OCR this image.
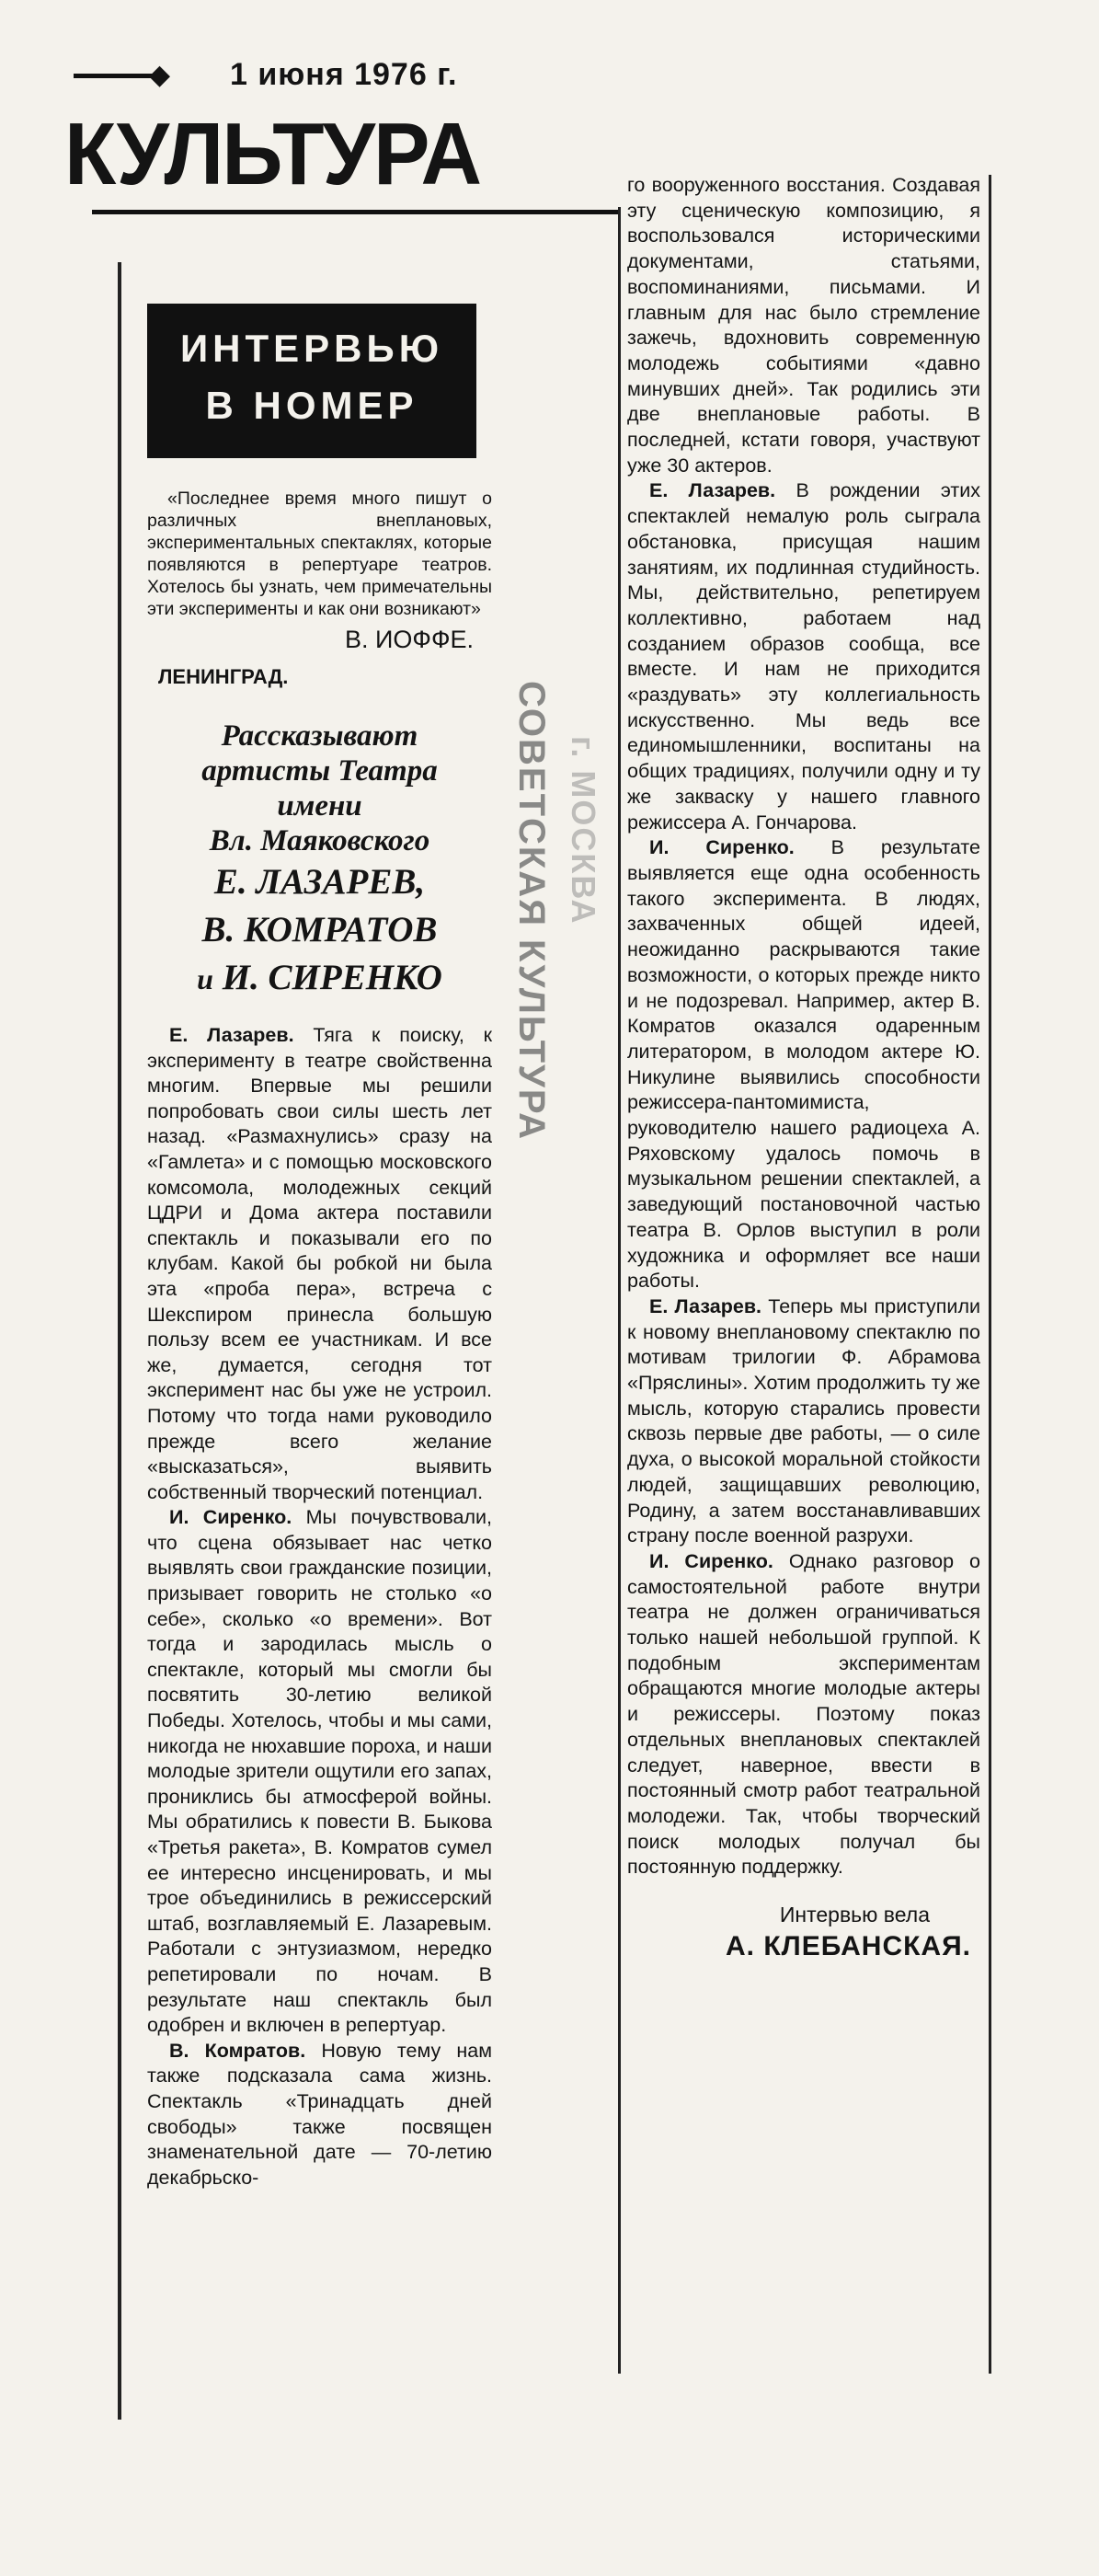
◆ 1 июня 1976 г.
КУЛЬТУРА
СОВЕТСКАЯ КУЛЬТУРА г. МОСКВА
ИНТЕРВЬЮ
В НОМЕР
«Последнее время много пишут о различных внеплановых, экспериментальных спектаклях, которые появляются в репертуаре театров. Хотелось бы узнать, чем примечательны эти эксперименты и как они возникают»
В. ИОФФЕ.
ЛЕНИНГРАД.
Рассказывают
артисты Театра
имени
Вл. Маяковского
Е. ЛАЗАРЕВ,
В. КОМРАТОВ
и И. СИРЕНКО

Е. Лазарев. Тяга к поиску, к эксперименту в театре свойственна многим. Впервые мы решили попробовать свои силы шесть лет назад. «Размахнулись» сразу на «Гамлета» и с помощью московского комсомола, молодежных секций ЦДРИ и Дома актера поставили спектакль и показывали его по клубам. Какой бы робкой ни была эта «проба пера», встреча с Шекспиром принесла большую пользу всем ее участникам. И все же, думается, сегодня тот эксперимент нас бы уже не устроил. Потому что тогда нами руководило прежде всего желание «высказаться», выявить собственный творческий потенциал.

И. Сиренко. Мы почувствовали, что сцена обязывает нас четко выявлять свои гражданские позиции, призывает говорить не столько «о себе», сколько «о времени». Вот тогда и зародилась мысль о спектакле, который мы смогли бы посвятить 30-летию великой Победы. Хотелось, чтобы и мы сами, никогда не нюхавшие пороха, и наши молодые зрители ощутили его запах, прониклись бы атмосферой войны. Мы обратились к повести В. Быкова «Третья ракета», В. Комратов сумел ее интересно инсценировать, и мы трое объединились в режиссерский штаб, возглавляемый Е. Лазаревым. Работали с энтузиазмом, нередко репетировали по ночам. В результате наш спектакль был одобрен и включен в репертуар.

В. Комратов. Новую тему нам также подсказала сама жизнь. Спектакль «Тринадцать дней свободы» также посвящен знаменательной дате — 70-летию декабрьско-

го вооруженного восстания. Создавая эту сценическую композицию, я воспользовался историческими документами, статьями, воспоминаниями, письмами. И главным для нас было стремление зажечь, вдохновить современную молодежь событиями «давно минувших дней». Так родились эти две внеплановые работы. В последней, кстати говоря, участвуют уже 30 актеров.

Е. Лазарев. В рождении этих спектаклей немалую роль сыграла обстановка, присущая нашим занятиям, их подлинная студийность. Мы, действительно, репетируем коллективно, работаем над созданием образов сообща, все вместе. И нам не приходится «раздувать» эту коллегиальность искусственно. Мы ведь все единомышленники, воспитаны на общих традициях, получили одну и ту же закваску у нашего главного режиссера А. Гончарова.

И. Сиренко. В результате выявляется еще одна особенность такого эксперимента. В людях, захваченных общей идеей, неожиданно раскрываются такие возможности, о которых прежде никто и не подозревал. Например, актер В. Комратов оказался одаренным литератором, в молодом актере Ю. Никулине выявились способности режиссера-пантомимиста, руководителю нашего радиоцеха А. Ряховскому удалось помочь в музыкальном решении спектаклей, а заведующий постановочной частью театра В. Орлов выступил в роли художника и оформляет все наши работы.

Е. Лазарев. Теперь мы приступили к новому внеплановому спектаклю по мотивам трилогии Ф. Абрамова «Пряслины». Хотим продолжить ту же мысль, которую старались провести сквозь первые две работы, — о силе духа, о высокой моральной стойкости людей, защищавших революцию, Родину, а затем восстанавливавших страну после военной разрухи.

И. Сиренко. Однако разговор о самостоятельной работе внутри театра не должен ограничиваться только нашей небольшой группой. К подобным экспериментам обращаются многие молодые актеры и режиссеры. Поэтому показ отдельных внеплановых спектаклей следует, наверное, ввести в постоянный смотр работ театральной молодежи. Так, чтобы творческий поиск молодых получал бы постоянную поддержку.

Интервью вела
А. КЛЕБАНСКАЯ.
